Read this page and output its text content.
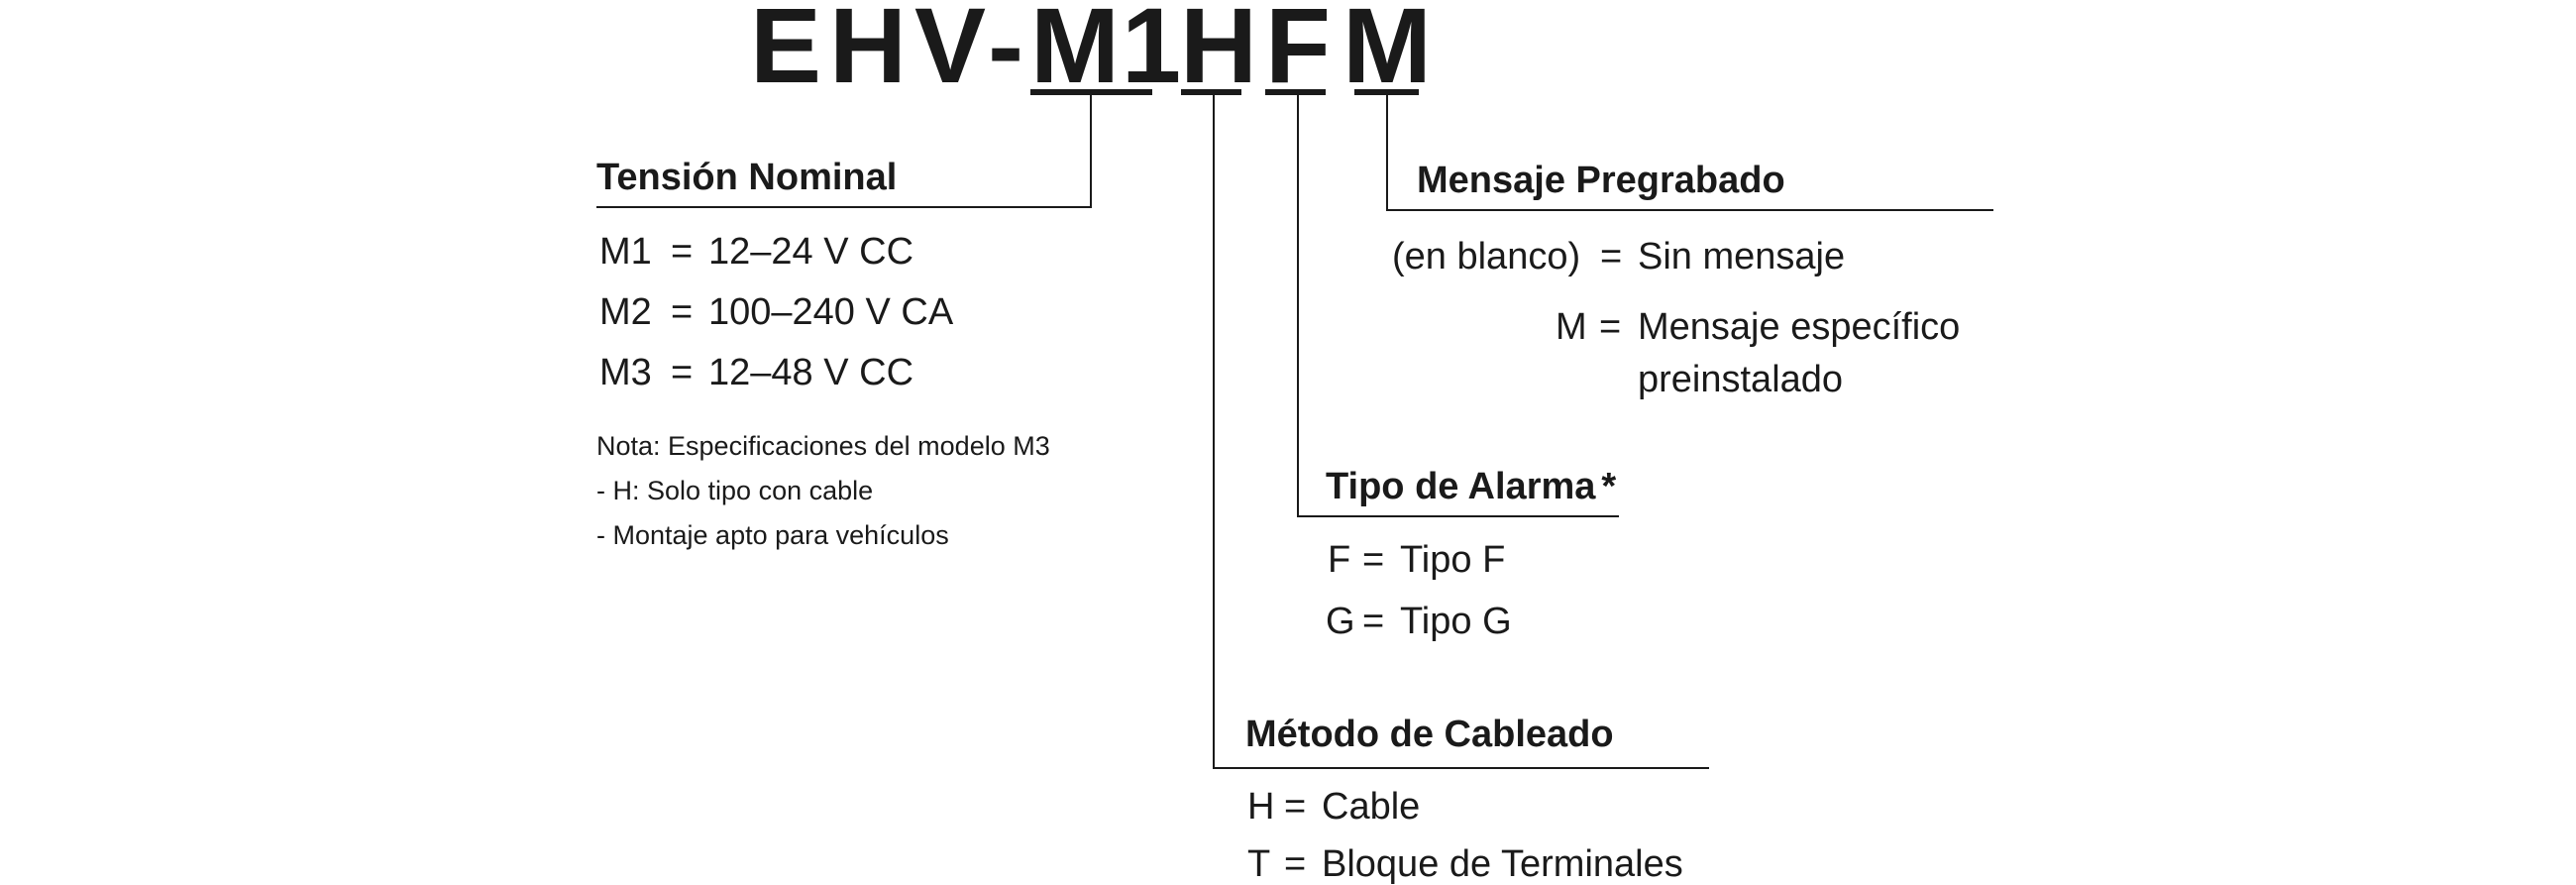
EHV-
M1
H F M
Tensión Nominal
M1 = 12–24 V CC
M2 = 100–240 V CA
M3 = 12–48 V CC
Nota: Especificaciones del modelo M3
- H: Solo tipo con cable
- Montaje apto para vehículos
Mensaje Pregrabado
(en blanco) = Sin mensaje
M = Mensaje específico
preinstalado
Tipo de Alarma *
F = Tipo F
G = Tipo G
Método de Cableado
H = Cable
T = Bloque de Terminales
